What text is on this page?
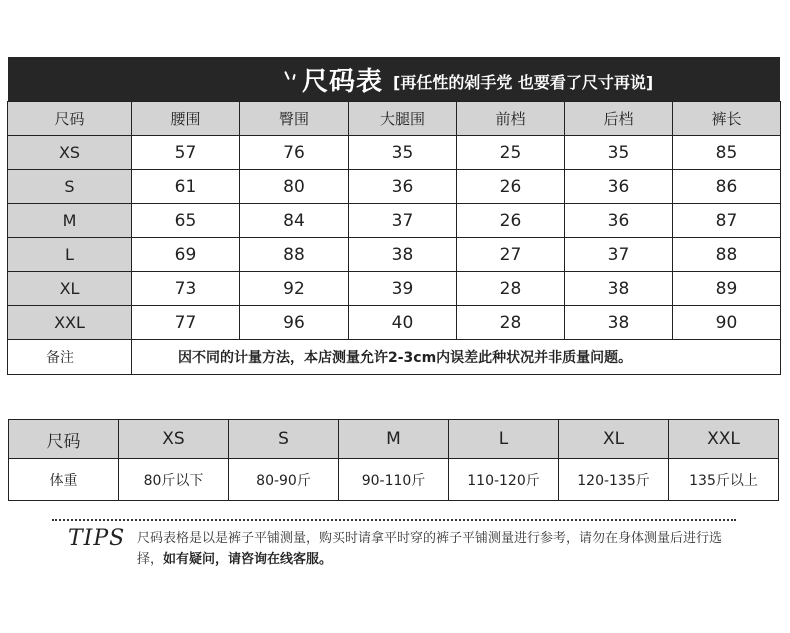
尺码表 [再任性的剁手党 也要看了尺寸再说]
尺码	腰围	臀围	大腿围	前档	后档	裤长
XS	57	76	35	25	35	85
S	61	80	36	26	36	86
M	65	84	37	26	36	87
L	69	88	38	27	37	88
XL	73	92	39	28	38	89
XXL	77	96	40	28	38	90
备注	因不同的计量方法，本店测量允许2-3cm内误差此种状况并非质量问题。					
尺码	XS	S	M	L	XL	XXL
体重	80斤以下	80-90斤	90-110斤	110-120斤	120-135斤	135斤以上
TIPS 尺码表格是以是裤子平铺测量，购买时请拿平时穿的裤子平铺测量进行参考，请勿在身体测量后进行选择，如有疑问，请咨询在线客服。
